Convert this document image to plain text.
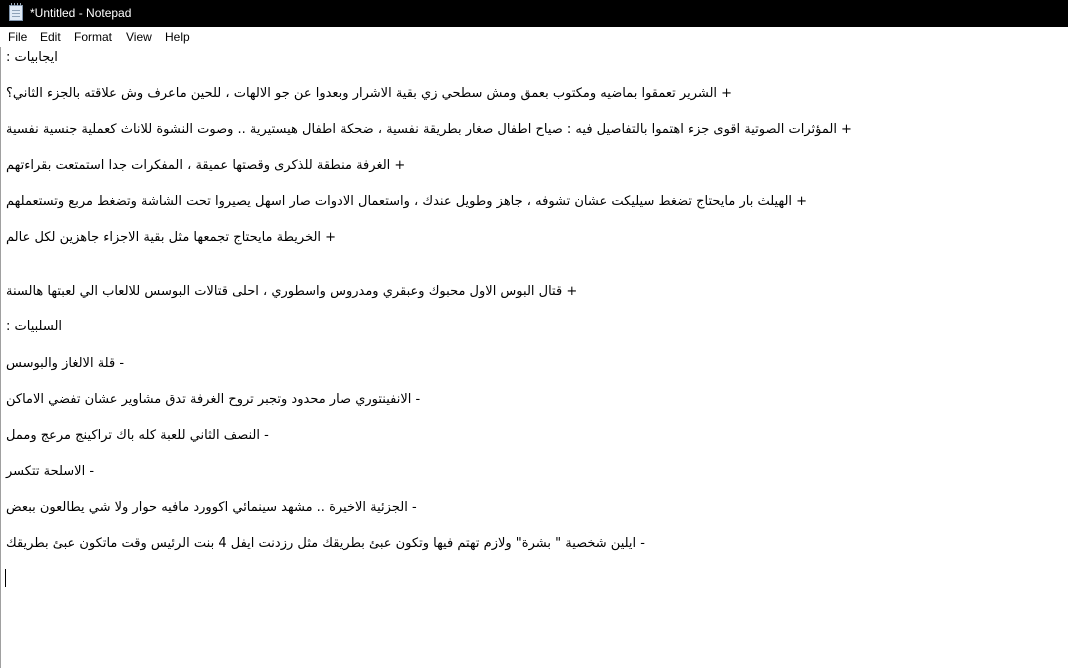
*Untitled - Notepad
File Edit Format View Help
ايجابيات :
+ الشرير تعمقوا بماضيه ومكتوب بعمق ومش سطحي زي بقية الاشرار وبعدوا عن جو الالهات ، للحين ماعرف وش علاقته بالجزء الثاني؟
+ المؤثرات الصوتية اقوى جزء اهتموا بالتفاصيل فيه : صياح اطفال صغار بطريقة نفسية ، ضحكة اطفال هيستيرية .. وصوت النشوة للاناث كعملية جنسية نفسية
+ الغرفة منطقة للذكرى وقصتها عميقة ، المفكرات جدا استمتعت بقراءتهم
+ الهيلث بار مايحتاج تضغط سيليكت عشان تشوفه ، جاهز وطويل عندك ، واستعمال الادوات صار اسهل يصيروا تحت الشاشة وتضغط مربع وتستعملهم
+ الخريطة مايحتاج تجمعها مثل بقية الاجزاء جاهزين لكل عالم
+ قتال البوس الاول محبوك وعبقري ومدروس واسطوري ، احلى قتالات البوسس للالعاب الي لعبتها هالسنة
السلبيات :
- قلة الالغاز والبوسس
- الانفينتوري صار محدود وتجبر تروح الغرفة تدق مشاوير عشان تفضي الاماكن
- النصف الثاني للعبة كله باك تراكينج مرعج وممل
- الاسلحة تتكسر
- الجزئية الاخيرة .. مشهد سينمائي اكوورد مافيه حوار ولا شي يطالعون ببعض
- ايلين شخصية " بشرة" ولازم تهتم فيها وتكون عبئ بطريقك مثل رزدنت ايفل 4 بنت الرئيس وقت ماتكون عبئ بطريقك
